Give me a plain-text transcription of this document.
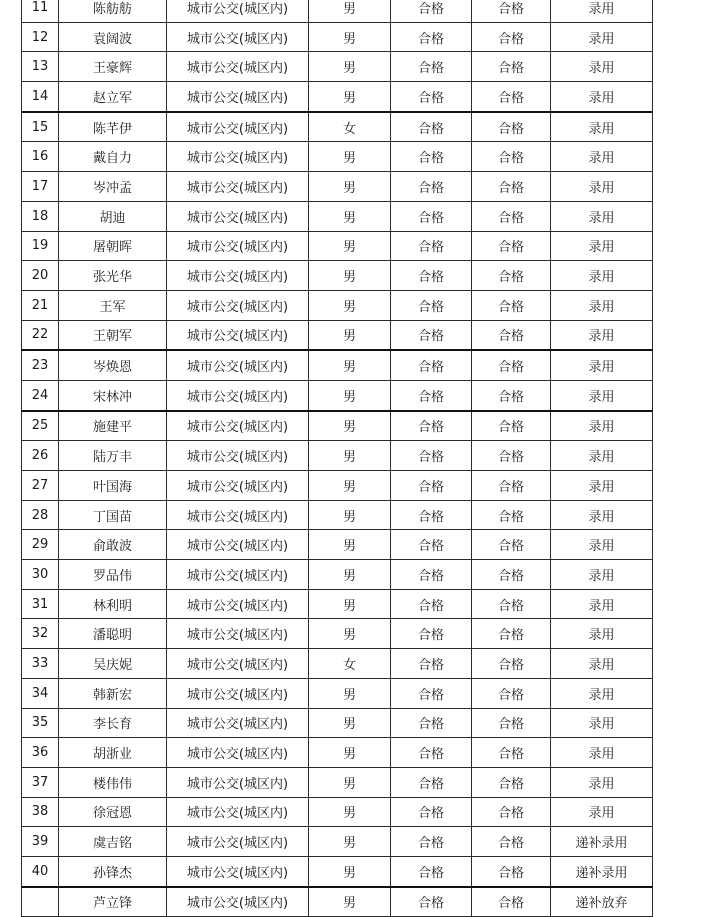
11	陈舫舫	城市公交(城区内)	男	合格	合格	录用
12	袁阔波	城市公交(城区内)	男	合格	合格	录用
13	王豪辉	城市公交(城区内)	男	合格	合格	录用
14	赵立军	城市公交(城区内)	男	合格	合格	录用
15	陈芊伊	城市公交(城区内)	女	合格	合格	录用
16	戴自力	城市公交(城区内)	男	合格	合格	录用
17	岑冲孟	城市公交(城区内)	男	合格	合格	录用
18	胡迪	城市公交(城区内)	男	合格	合格	录用
19	屠朝晖	城市公交(城区内)	男	合格	合格	录用
20	张光华	城市公交(城区内)	男	合格	合格	录用
21	王军	城市公交(城区内)	男	合格	合格	录用
22	王朝军	城市公交(城区内)	男	合格	合格	录用
23	岑焕恩	城市公交(城区内)	男	合格	合格	录用
24	宋林冲	城市公交(城区内)	男	合格	合格	录用
25	施建平	城市公交(城区内)	男	合格	合格	录用
26	陆万丰	城市公交(城区内)	男	合格	合格	录用
27	叶国海	城市公交(城区内)	男	合格	合格	录用
28	丁国苗	城市公交(城区内)	男	合格	合格	录用
29	俞敢波	城市公交(城区内)	男	合格	合格	录用
30	罗品伟	城市公交(城区内)	男	合格	合格	录用
31	林利明	城市公交(城区内)	男	合格	合格	录用
32	潘聪明	城市公交(城区内)	男	合格	合格	录用
33	吴庆妮	城市公交(城区内)	女	合格	合格	录用
34	韩新宏	城市公交(城区内)	男	合格	合格	录用
35	李长育	城市公交(城区内)	男	合格	合格	录用
36	胡浙业	城市公交(城区内)	男	合格	合格	录用
37	楼伟伟	城市公交(城区内)	男	合格	合格	录用
38	徐冠恩	城市公交(城区内)	男	合格	合格	录用
39	虞吉铭	城市公交(城区内)	男	合格	合格	递补录用
40	孙锋杰	城市公交(城区内)	男	合格	合格	递补录用
	芦立锋	城市公交(城区内)	男	合格	合格	递补放弃
